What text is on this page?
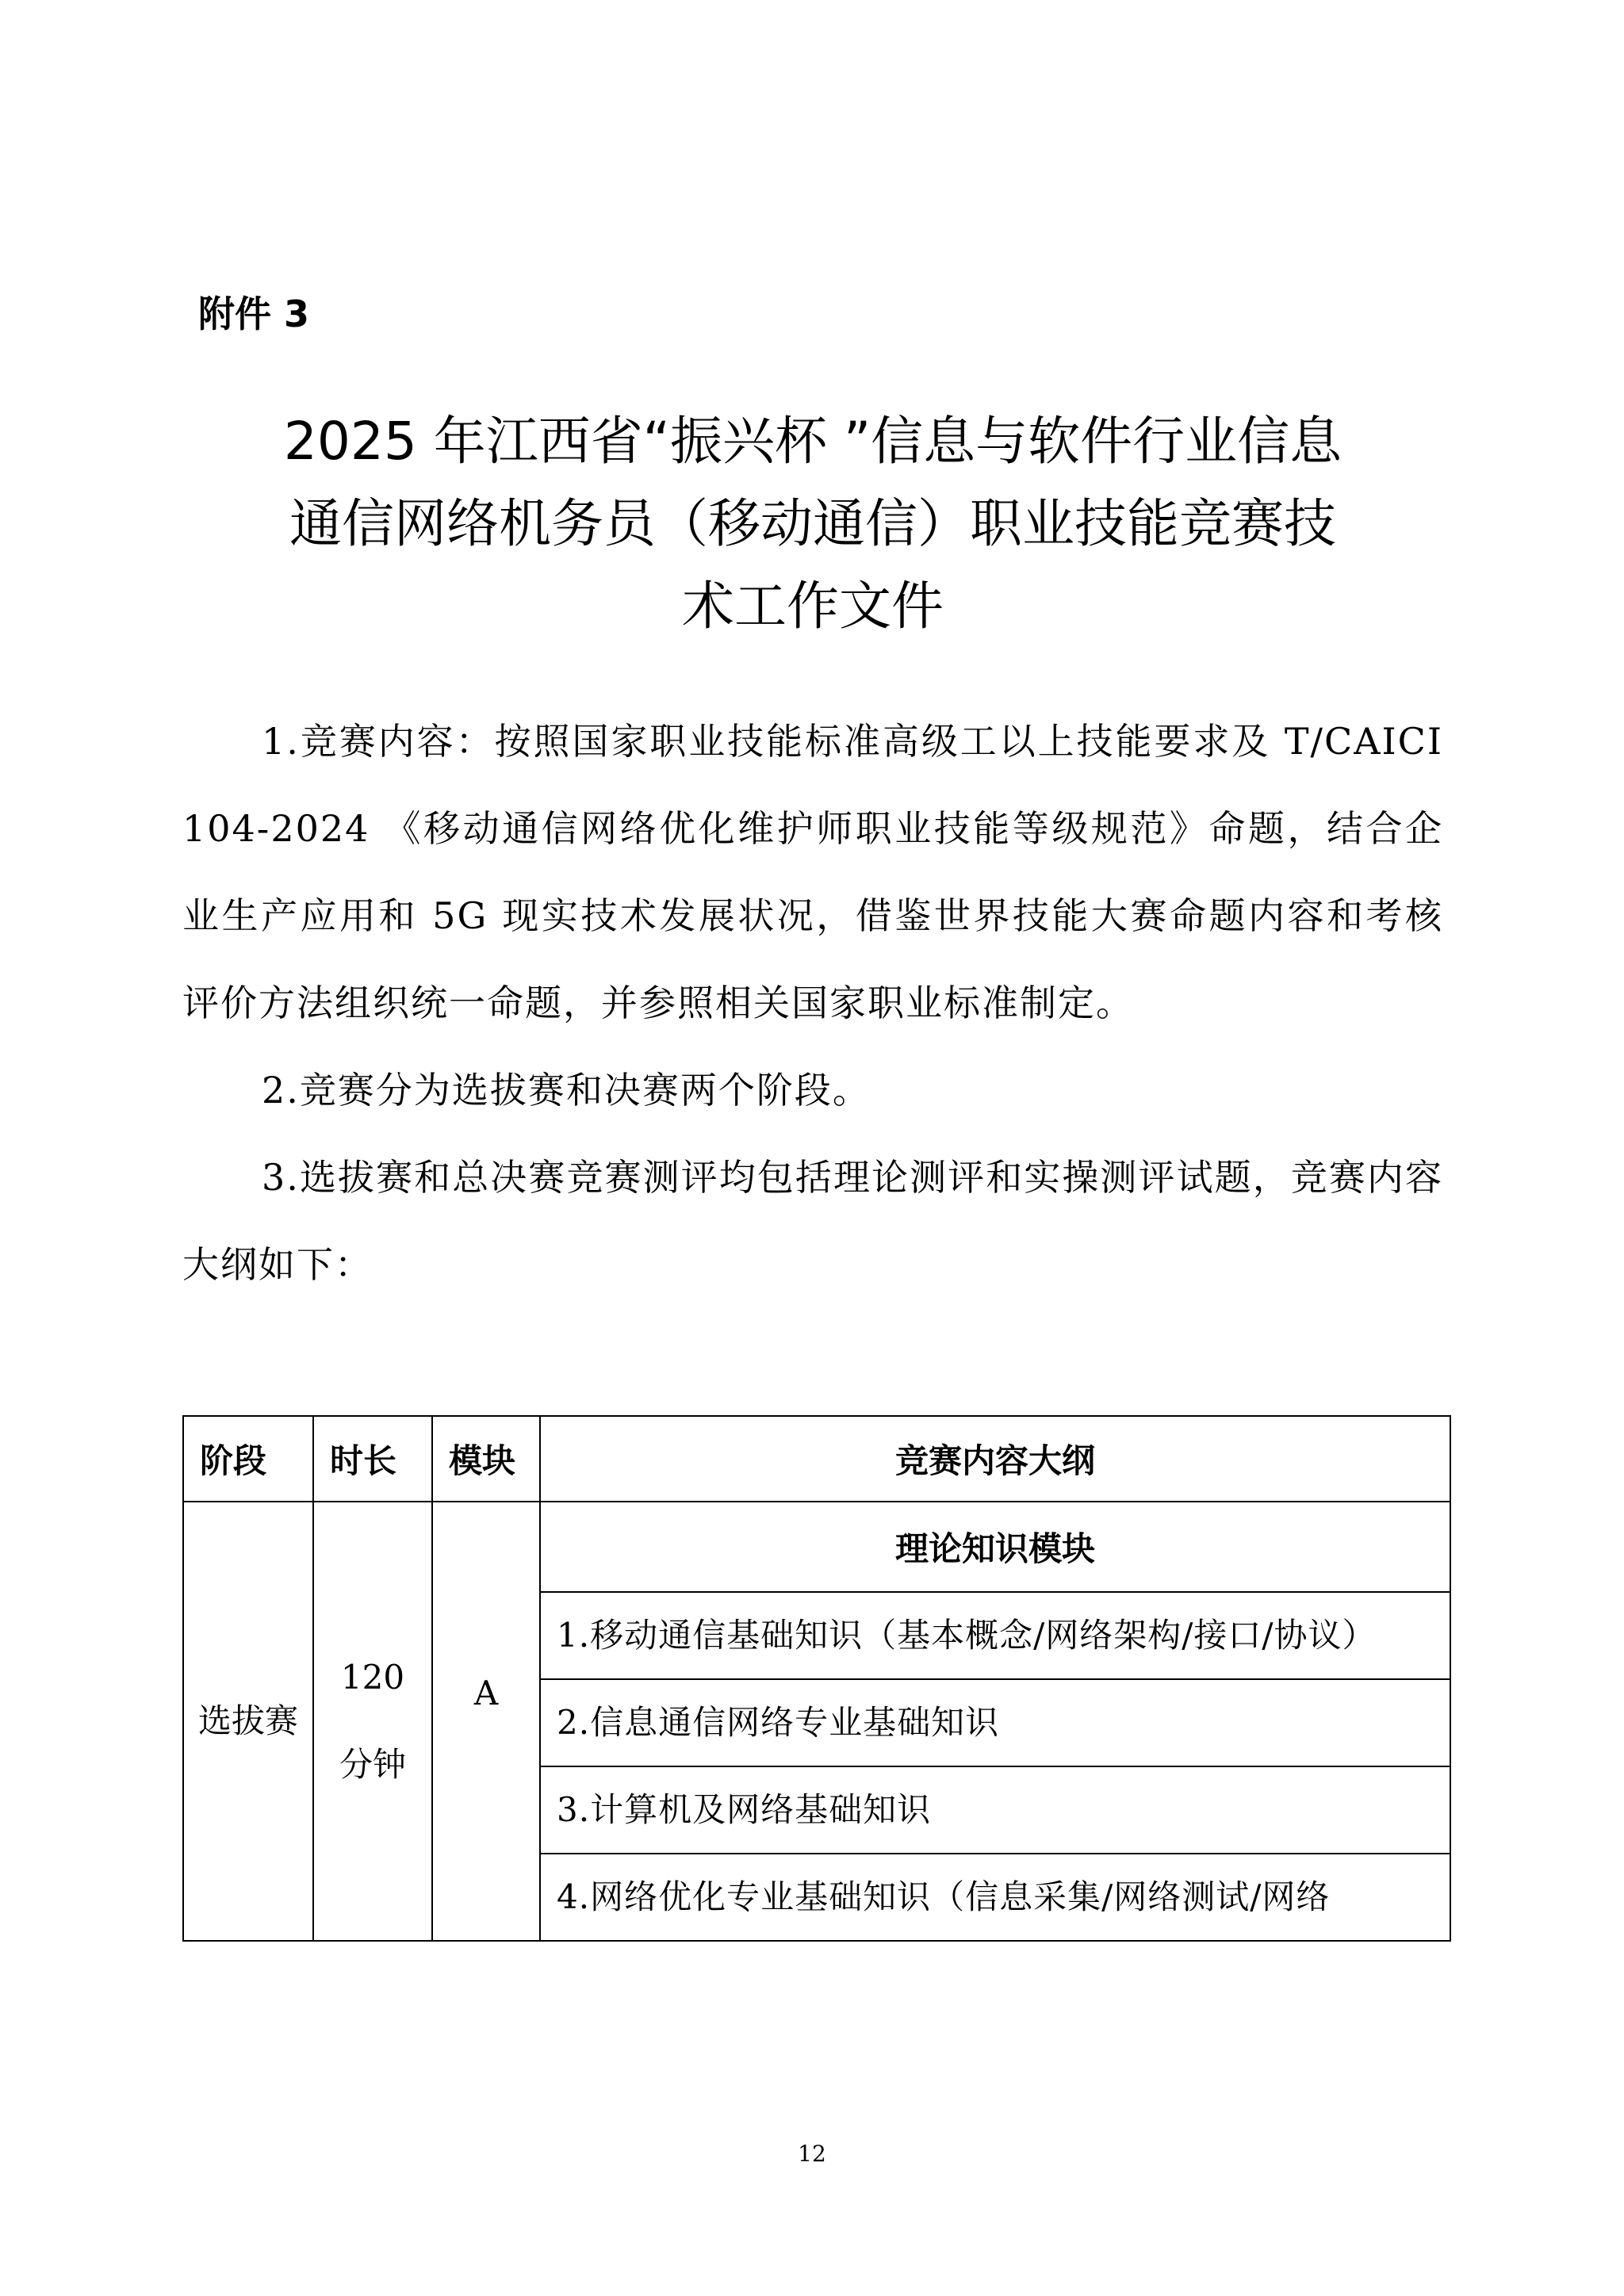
附件 3
2025 年江西省“振兴杯 ”信息与软件行业信息
通信网络机务员（移动通信）职业技能竞赛技
术工作文件

1.竞赛内容：按照国家职业技能标准高级工以上技能要求及 T/CAICI 104-2024 《移动通信网络优化维护师职业技能等级规范》命题，结合企业生产应用和 5G 现实技术发展状况，借鉴世界技能大赛命题内容和考核评价方法组织统一命题，并参照相关国家职业标准制定。

2.竞赛分为选拔赛和决赛两个阶段。

3.选拔赛和总决赛竞赛测评均包括理论测评和实操测评试题，竞赛内容大纲如下：

阶段	时长	模块	竞赛内容大纲
选拔赛	120 分钟	A	理论知识模块
			1.移动通信基础知识（基本概念/网络架构/接口/协议）
			2.信息通信网络专业基础知识
			3.计算机及网络基础知识
			4.网络优化专业基础知识（信息采集/网络测试/网络
12
